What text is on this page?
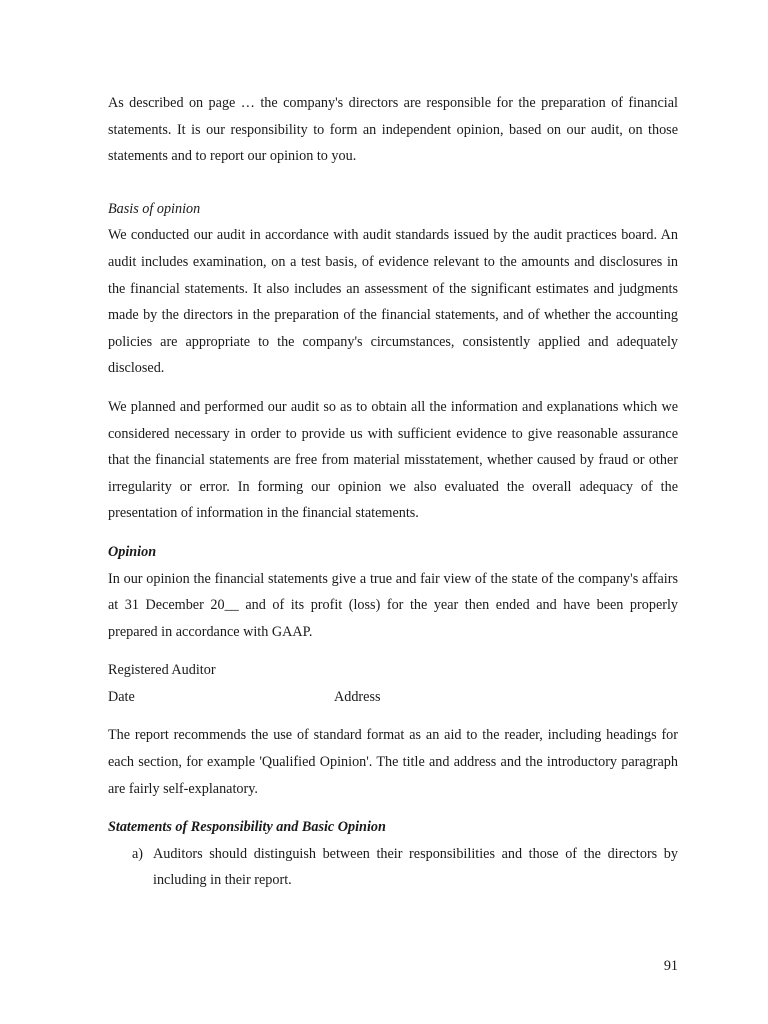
As described on page … the company's directors are responsible for the preparation of financial statements. It is our responsibility to form an independent opinion, based on our audit, on those statements and to report our opinion to you.

Basis of opinion

We conducted our audit in accordance with audit standards issued by the audit practices board. An audit includes examination, on a test basis, of evidence relevant to the amounts and disclosures in the financial statements. It also includes an assessment of the significant estimates and judgments made by the directors in the preparation of the financial statements, and of whether the accounting policies are appropriate to the company's circumstances, consistently applied and adequately disclosed.

We planned and performed our audit so as to obtain all the information and explanations which we considered necessary in order to provide us with sufficient evidence to give reasonable assurance that the financial statements are free from material misstatement, whether caused by fraud or other irregularity or error. In forming our opinion we also evaluated the overall adequacy of the presentation of information in the financial statements.

Opinion

In our opinion the financial statements give a true and fair view of the state of the company's affairs at 31 December 20__ and of its profit (loss) for the year then ended and have been properly prepared in accordance with GAAP.

Registered Auditor
Date	Address

The report recommends the use of standard format as an aid to the reader, including headings for each section, for example 'Qualified Opinion'. The title and address and the introductory paragraph are fairly self-explanatory.

Statements of Responsibility and Basic Opinion
a) Auditors should distinguish between their responsibilities and those of the directors by including in their report.
91
